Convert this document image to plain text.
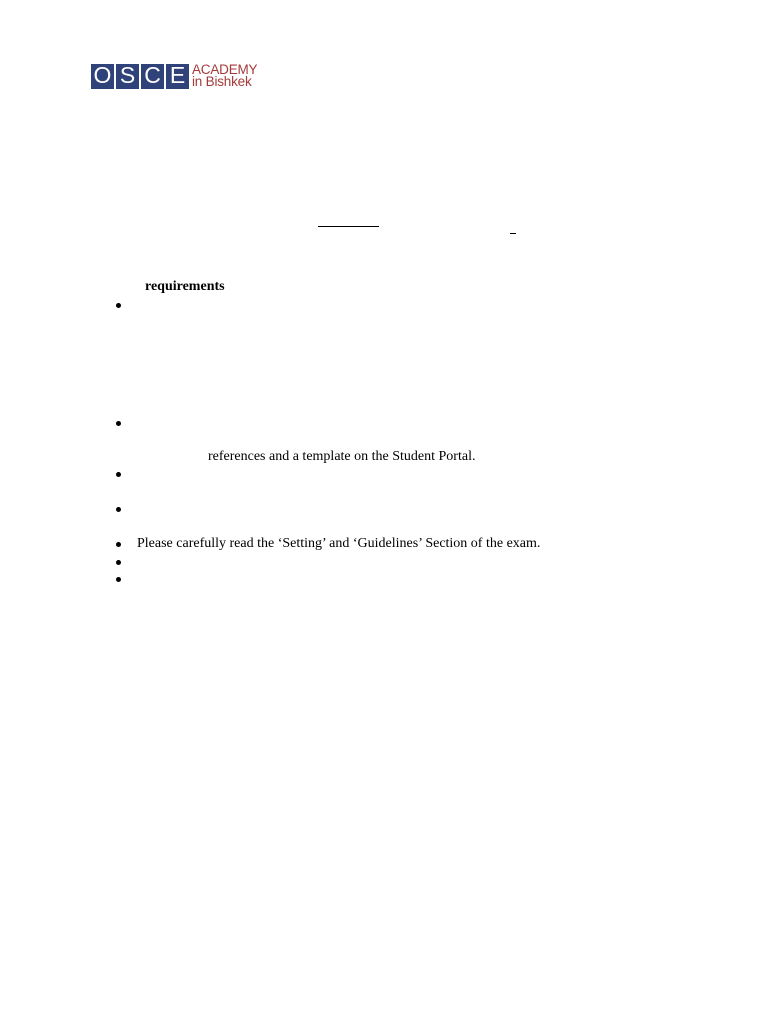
O S C E ACADEMY
in Bishkek
requirements
references and a template on the Student Portal.
Please carefully read the ‘Setting’ and ‘Guidelines’ Section of the exam.
